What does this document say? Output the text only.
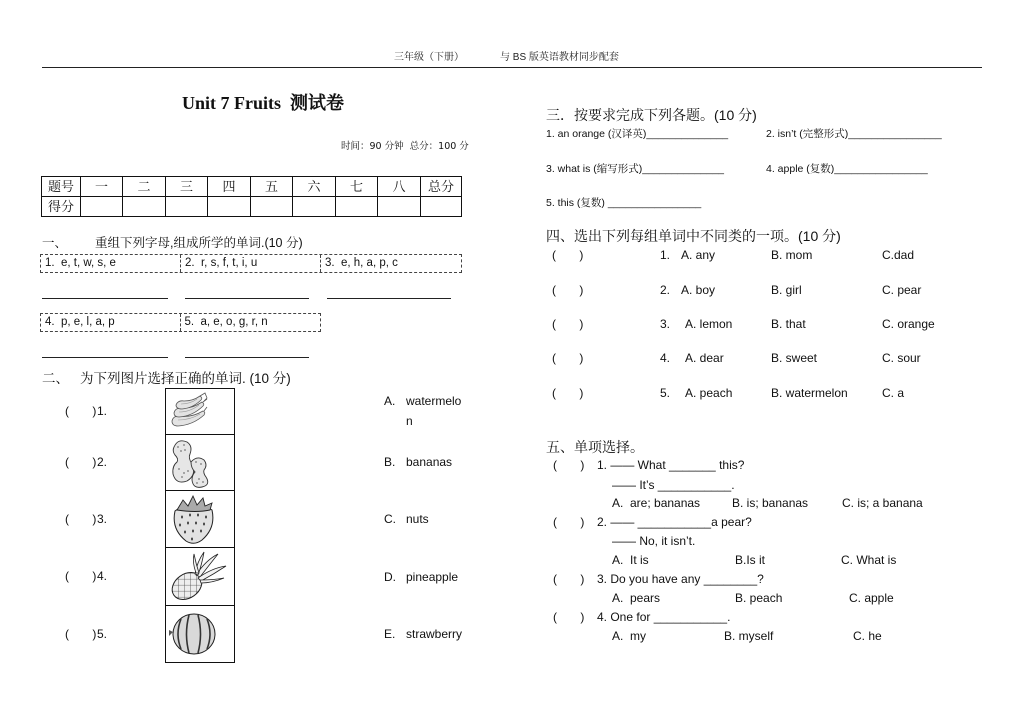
三年级（下册）	与 BS 版英语教材同步配套
Unit 7 Fruits  测试卷
时间：90 分钟  总分：100 分
题号	一	二	三	四	五	六	七	八	总分
得分									
一、 重组下列字母,组成所学的单词.(10 分)
1.  e, t, w, s, e	2.  r, s, f, t, i, u	3.  e, h, a, p, c
4.  p, e, l, a, p	5.  a, e, o, g, r, n
二、 为下列图片选择正确的单词. (10 分)
(       ) 1.
(       ) 2.
(       ) 3.
(       ) 4.
(       ) 5.
A. watermelo
n
B. bananas
C. nuts
D. pineapple
E. strawberry
三．按要求完成下列各题。(10 分)
1. an orange (汉译英)______________	2. isn’t (完整形式)________________
3. what is (缩写形式)______________	4. apple (复数)________________
5. this (复数) ________________
四、选出下列每组单词中不同类的一项。(10 分)
(       )	1. A. any	B. mom	C.dad
(       )	2. A. boy	B. girl	C. pear
(       )	3. A. lemon	B. that	C. orange
(       )	4. A. dear	B. sweet	C. sour
(       )	5. A. peach	B. watermelon	C. a
五、单项选择。
(       ) 1. —— What _______ this?
—— It’s ___________.
A.  are; bananas	B. is; bananas	C. is; a banana
(       ) 2. —— ___________a pear?
—— No, it isn’t.
A.  It is	B.Is it	C. What is
(       ) 3. Do you have any ________?
A.  pears	B. peach	C. apple
(       ) 4. One for ___________.
A.  my	B. myself	C. he
